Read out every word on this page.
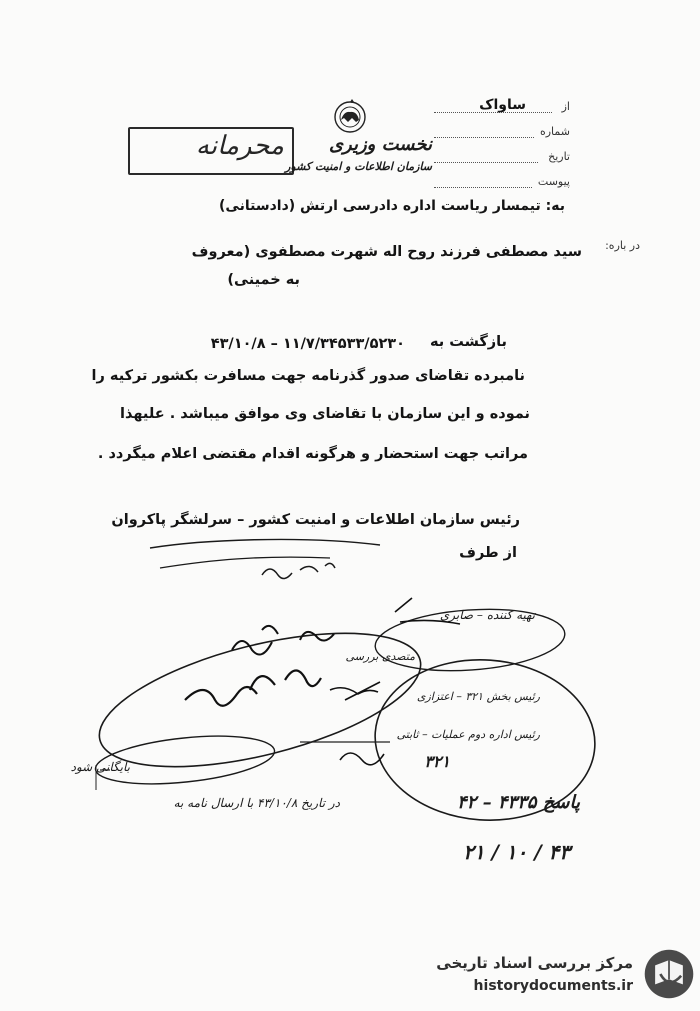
محرمانه نخست وزیری
سازمان اطلاعات و امنیت کشور
از
ساواک
شماره
تاریخ
پیوست
به: تیمسار ریاست اداره دادرسی ارتش (دادستانی)
در باره:
سید مصطفی فرزند روح اله شهرت مصطفوی (معروف
به خمینی)
بازگشت به
۴۳/۱۰/۸ – ۱۱/۷/۳۴۵۳۳/۵۲۳۰
نامبرده تقاضای صدور گذرنامه جهت مسافرت بکشور ترکیه را
نموده و این سازمان با تقاضای وی موافق میباشد . علیهذا
مراتب جهت استحضار و هرگونه اقدام مقتضی اعلام میگردد .
رئیس سازمان اطلاعات و امنیت کشور – سرلشگر پاکروان
از طرف
تهیه کننده – صابری
متصدی بررسی
رئیس بخش ۳۲۱ – اعتزازی
رئیس اداره دوم عملیات – ثابتی
۳۲۱
بایگانی شود
در تاریخ ۴۳/۱۰/۸ با ارسال نامه به	پاسخ ۴۳۳۵ – ۴۲
۲۱ / ۱۰ / ۴۳
مرکز بررسی اسناد تاریخی
historydocuments.ir
